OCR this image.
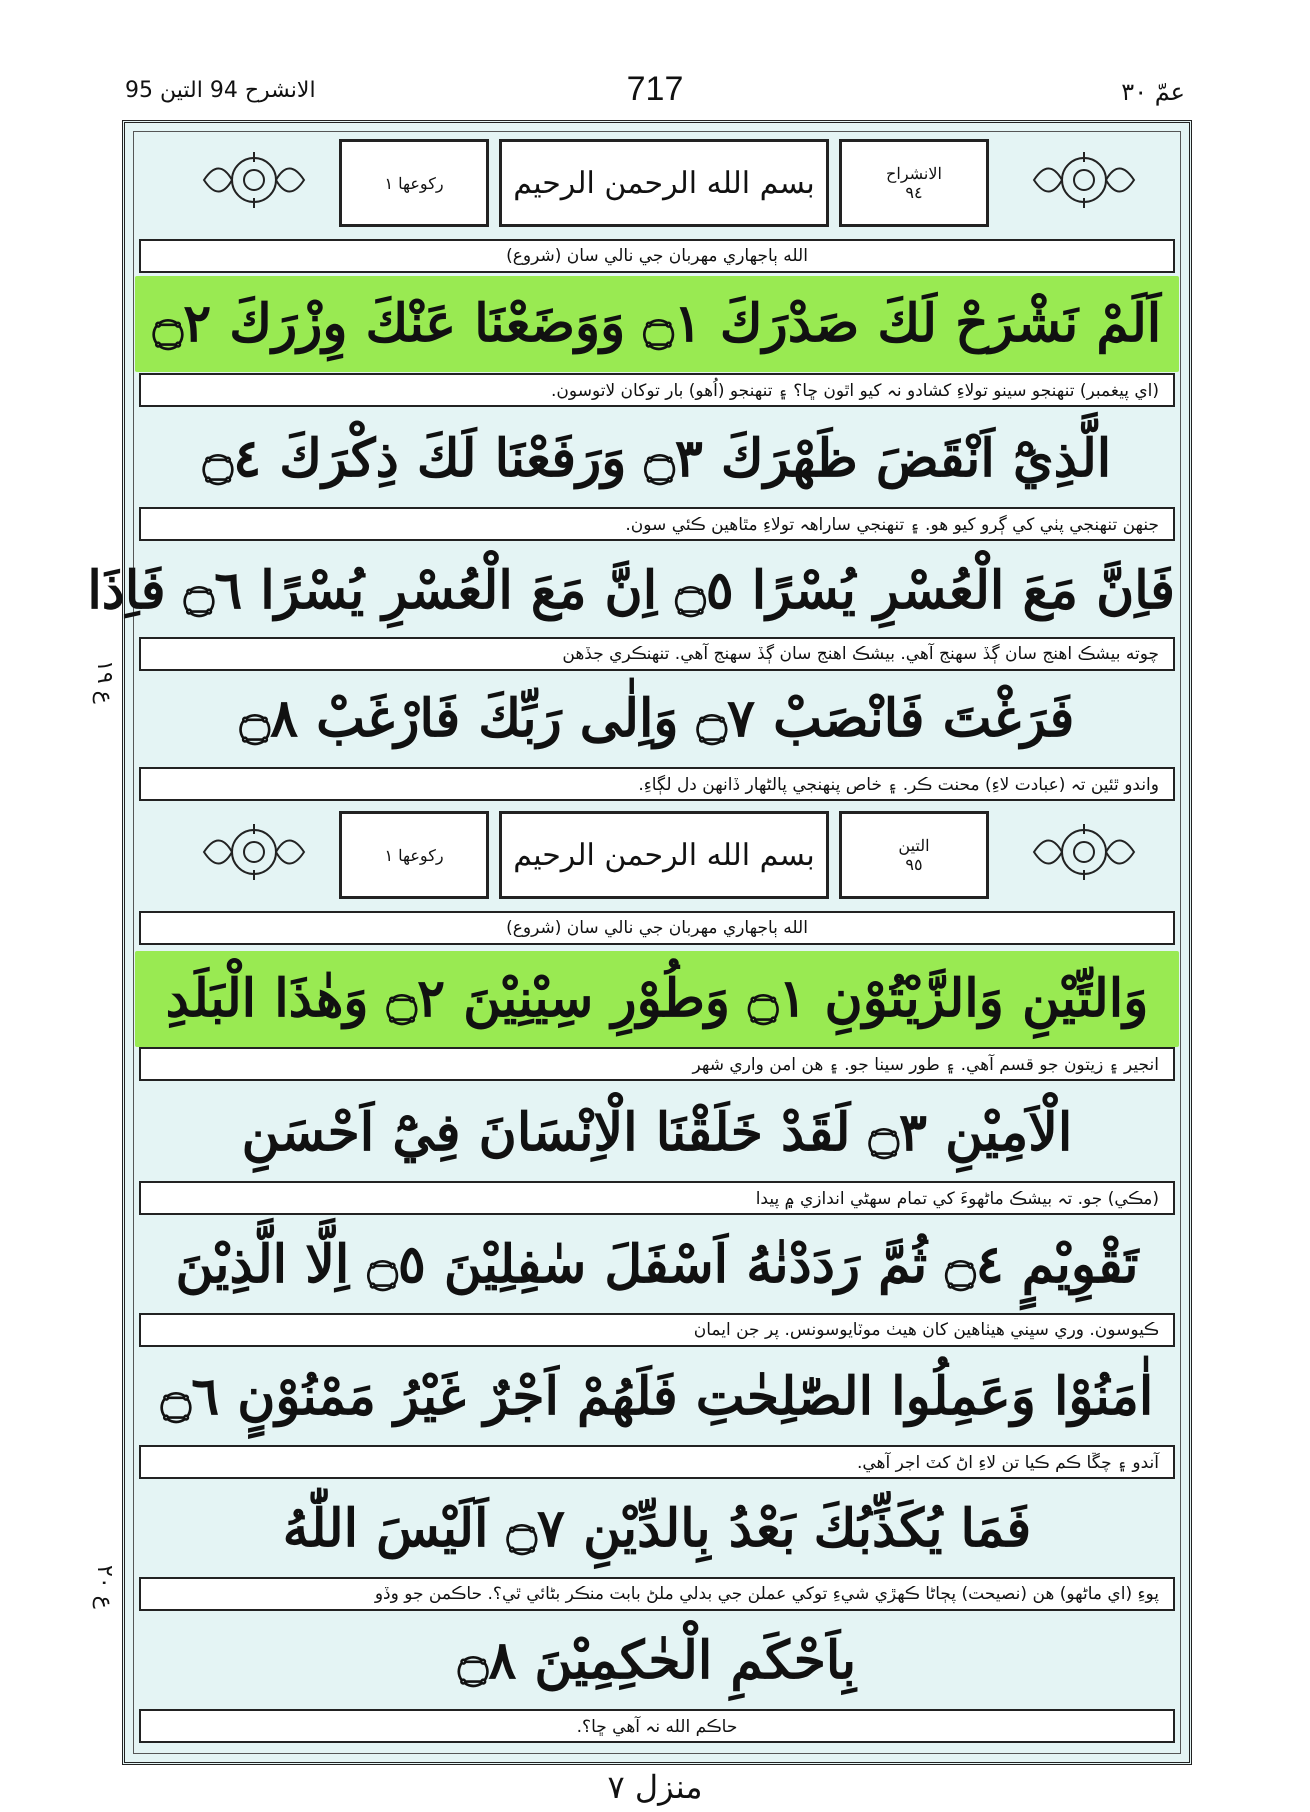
الانشرح 94 التين 95	717	عمّ ۳۰
ع ۱٩
ع ۲٠
رکوعها ١ بسم الله الرحمن الرحيم	الانشراح
٩٤
الله ٻاجھاري مهربان جي نالي سان (شروع)
اَلَمْ نَشْرَحْ لَكَ صَدْرَكَ ۝١ وَوَضَعْنَا عَنْكَ وِزْرَكَ ۝٢
(اي پيغمبر) تنهنجو سينو تولاءِ کشادو نہ کيو اٿون ڇا؟ ۽ تنهنجو (اُهو) بار توکان لاتوسون.
الَّذِيْٓ اَنْقَضَ ظَهْرَكَ ۝٣ وَرَفَعْنَا لَكَ ذِكْرَكَ ۝٤
جنهن تنهنجي پٺي کي ڳرو کيو هو. ۽ تنهنجي ساراهہ تولاءِ مٿاهين ڪئي سون.
فَاِنَّ مَعَ الْعُسْرِ يُسْرًا ۝٥ اِنَّ مَعَ الْعُسْرِ يُسْرًا ۝٦ فَاِذَا
چوته بيشڪ اهنج سان ڳڏ سهنج آهي. بيشڪ اهنج سان ڳڏ سهنج آهي. تنهنڪري جڏهن
فَرَغْتَ فَانْصَبْ ۝٧ وَاِلٰى رَبِّكَ فَارْغَبْ ۝٨
واندو ٿئين تہ (عبادت لاءِ) محنت ڪر. ۽ خاص پنهنجي پالڻهار ڏانهن دل لڳاءِ.
رکوعها ١ بسم الله الرحمن الرحيم	التين
٩٥
الله ٻاجھاري مهربان جي نالي سان (شروع)
وَالتِّيْنِ وَالزَّيْتُوْنِ ۝١ وَطُوْرِ سِيْنِيْنَ ۝٢ وَهٰذَا الْبَلَدِ
انجير ۽ زيتون جو قسم آهي. ۽ طور سينا جو. ۽ هن امن واري شهر
الْاَمِيْنِ ۝٣ لَقَدْ خَلَقْنَا الْاِنْسَانَ فِيْٓ اَحْسَنِ
(مڪي) جو. تہ بيشڪ ماڻهوءَ کي تمام سهڻي اندازي ۾ پيدا
تَقْوِيْمٍ ۝٤ ثُمَّ رَدَدْنٰهُ اَسْفَلَ سٰفِلِيْنَ ۝٥ اِلَّا الَّذِيْنَ
ڪيوسون. وري سڀني هيٺاهين کان هيٺ موٽايوسونس. پر جن ايمان
اٰمَنُوْا وَعَمِلُوا الصّٰلِحٰتِ فَلَهُمْ اَجْرٌ غَيْرُ مَمْنُوْنٍ ۝٦
آندو ۽ چڱا ڪم ڪيا تن لاءِ اڻ کٽ اجر آهي.
فَمَا يُكَذِّبُكَ بَعْدُ بِالدِّيْنِ ۝٧ اَلَيْسَ اللّٰهُ
پوءِ (اي ماڻهو) هن (نصيحت) پڄاڻا ڪهڙي شيءِ توکي عملن جي بدلي ملڻ بابت منڪر بڻائي ٿي؟. حاڪمن جو وڏو
بِاَحْكَمِ الْحٰكِمِيْنَ ۝٨
حاڪم الله نہ آهي ڇا؟.
منزل ۷
